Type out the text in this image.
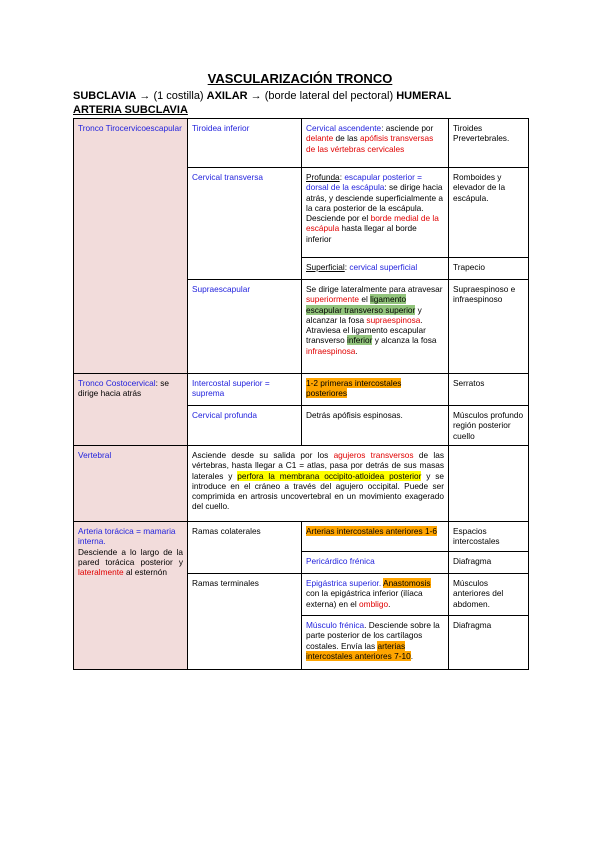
VASCULARIZACIÓN TRONCO
SUBCLAVIA → (1 costilla) AXILAR → (borde lateral del pectoral) HUMERAL
ARTERIA SUBCLAVIA
Tronco Tirocervicoescapular	Tiroidea inferior	Cervical ascendente: asciende por delante de las apófisis transversas de las vértebras cervicales	Tiroides Prevertebrales.
	Cervical transversa	Profunda: escapular posterior = dorsal de la escápula: se dirige hacia atrás, y desciende superficialmente a la cara posterior de la escápula. Desciende por el borde medial de la escápula hasta llegar al borde inferior	Romboides y elevador de la escápula.
		Superficial: cervical superficial	Trapecio
	Supraescapular	Se dirige lateralmente para atravesar superiormente el ligamento escapular transverso superior y alcanzar la fosa supraespinosa. Atraviesa el ligamento escapular transverso inferior y alcanza la fosa infraespinosa.	Supraespinoso e infraespinoso
Tronco Costocervical: se dirige hacia atrás	Intercostal superior = suprema	1-2 primeras intercostales posteriores	Serratos
	Cervical profunda	Detrás apófisis espinosas.	Músculos profundo región posterior cuello
Vertebral	Asciende desde su salida por los agujeros transversos de las vértebras, hasta llegar a C1 = atlas, pasa por detrás de sus masas laterales y perfora la membrana occipito-atloidea posterior y se introduce en el cráneo a través del agujero occipital. Puede ser comprimida en artrosis uncovertebral en un movimiento exagerado del cuello.		
Arteria torácica = mamaria interna.

Desciende a lo largo de la pared torácica posterior y lateralmente al esternón	Ramas colaterales	Arterias intercostales anteriores 1-6	Espacios intercostales
		Pericárdico frénica	Diafragma
	Ramas terminales	Epigástrica superior. Anastomosis con la epigástrica inferior (ilíaca externa) en el ombligo.	Músculos anteriores del abdomen.
		Músculo frénica. Desciende sobre la parte posterior de los cartílagos costales. Envía las arterias intercostales anteriores 7-10.	Diafragma
